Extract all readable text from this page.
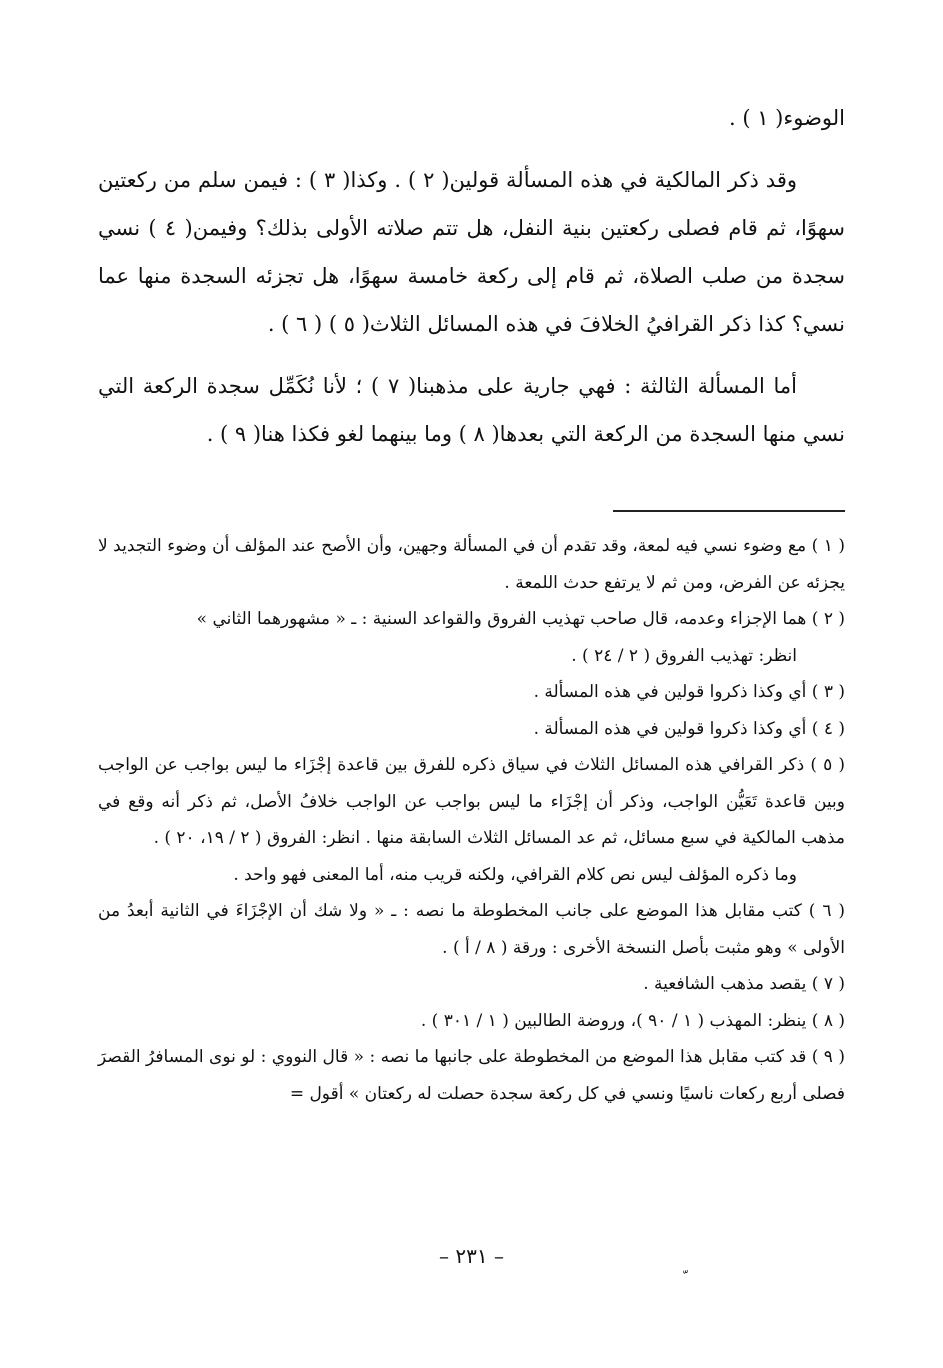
الوضوء( ١ ) .

وقد ذكر المالكية في هذه المسألة قولين( ٢ ) . وكذا( ٣ ) : فيمن سلم من ركعتين سهوًا، ثم قام فصلى ركعتين بنية النفل، هل تتم صلاته الأولى بذلك؟ وفيمن( ٤ ) نسي سجدة من صلب الصلاة، ثم قام إلى ركعة خامسة سهوًا، هل تجزئه السجدة منها عما نسي؟ كذا ذكر القرافيُ الخلافَ في هذه المسائل الثلاث( ٥ ) ( ٦ ) .

أما المسألة الثالثة : فهي جارية على مذهبنا( ٧ ) ؛ لأنا نُكَمِّل سجدة الركعة التي نسي منها السجدة من الركعة التي بعدها( ٨ ) وما بينهما لغو فكذا هنا( ٩ ) .

( ١ ) مع وضوء نسي فيه لمعة، وقد تقدم أن في المسألة وجهين، وأن الأصح عند المؤلف أن وضوء التجديد لا يجزئه عن الفرض، ومن ثم لا يرتفع حدث اللمعة .

( ٢ ) هما الإجزاء وعدمه، قال صاحب تهذيب الفروق والقواعد السنية : ـ « مشهورهما الثاني »

انظر: تهذيب الفروق ( ٢ / ٢٤ ) .

( ٣ ) أي وكذا ذكروا قولين في هذه المسألة .

( ٤ ) أي وكذا ذكروا قولين في هذه المسألة .

( ٥ ) ذكر القرافي هذه المسائل الثلاث في سياق ذكره للفرق بين قاعدة إجْزَاء ما ليس بواجب عن الواجب وبين قاعدة تَعَيُّن الواجب، وذكر أن إجْزَاء ما ليس بواجب عن الواجب خلافُ الأصل، ثم ذكر أنه وقع في مذهب المالكية في سبع مسائل، ثم عد المسائل الثلاث السابقة منها . انظر: الفروق ( ٢ / ١٩، ٢٠ ) .

وما ذكره المؤلف ليس نص كلام القرافي، ولكنه قريب منه، أما المعنى فهو واحد .

( ٦ ) كتب مقابل هذا الموضع على جانب المخطوطة ما نصه : ـ « ولا شك أن الإجْزَاءَ في الثانية أبعدُ من الأولى » وهو مثبت بأصل النسخة الأخرى : ورقة ( ٨ / أ ) .

( ٧ ) يقصد مذهب الشافعية .

( ٨ ) ينظر: المهذب ( ١ / ٩٠ )، وروضة الطالبين ( ١ / ٣٠١ ) .

( ٩ ) قد كتب مقابل هذا الموضع من المخطوطة على جانبها ما نصه : « قال النووي : لو نوى المسافرُ القصرَ فصلى أربع ركعات ناسيًا ونسي في كل ركعة سجدة حصلت له ركعتان » أقول =

– ٢٣١ –
